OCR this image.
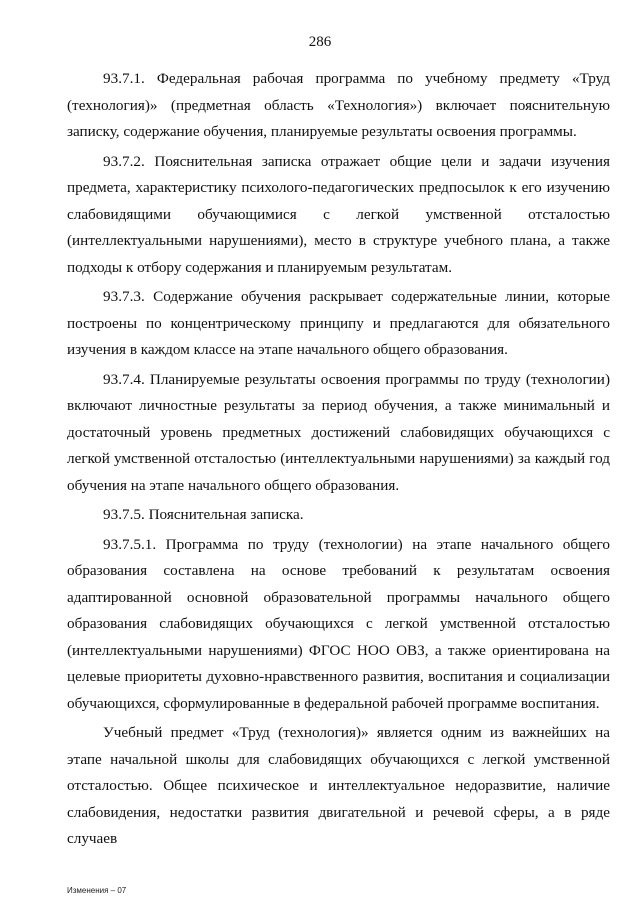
286

93.7.1. Федеральная рабочая программа по учебному предмету «Труд (технология)» (предметная область «Технология») включает пояснительную записку, содержание обучения, планируемые результаты освоения программы.

93.7.2. Пояснительная записка отражает общие цели и задачи изучения предмета, характеристику психолого-педагогических предпосылок к его изучению слабовидящими обучающимися с легкой умственной отсталостью (интеллектуальными нарушениями), место в структуре учебного плана, а также подходы к отбору содержания и планируемым результатам.

93.7.3. Содержание обучения раскрывает содержательные линии, которые построены по концентрическому принципу и предлагаются для обязательного изучения в каждом классе на этапе начального общего образования.

93.7.4. Планируемые результаты освоения программы по труду (технологии) включают личностные результаты за период обучения, а также минимальный и достаточный уровень предметных достижений слабовидящих обучающихся с легкой умственной отсталостью (интеллектуальными нарушениями) за каждый год обучения на этапе начального общего образования.

93.7.5. Пояснительная записка.

93.7.5.1. Программа по труду (технологии) на этапе начального общего образования составлена на основе требований к результатам освоения адаптированной основной образовательной программы начального общего образования слабовидящих обучающихся с легкой умственной отсталостью (интеллектуальными нарушениями) ФГОС НОО ОВЗ, а также ориентирована на целевые приоритеты духовно-нравственного развития, воспитания и социализации обучающихся, сформулированные в федеральной рабочей программе воспитания.

Учебный предмет «Труд (технология)» является одним из важнейших на этапе начальной школы для слабовидящих обучающихся с легкой умственной отсталостью. Общее психическое и интеллектуальное недоразвитие, наличие слабовидения, недостатки развития двигательной и речевой сферы, а в ряде случаев

Изменения – 07
